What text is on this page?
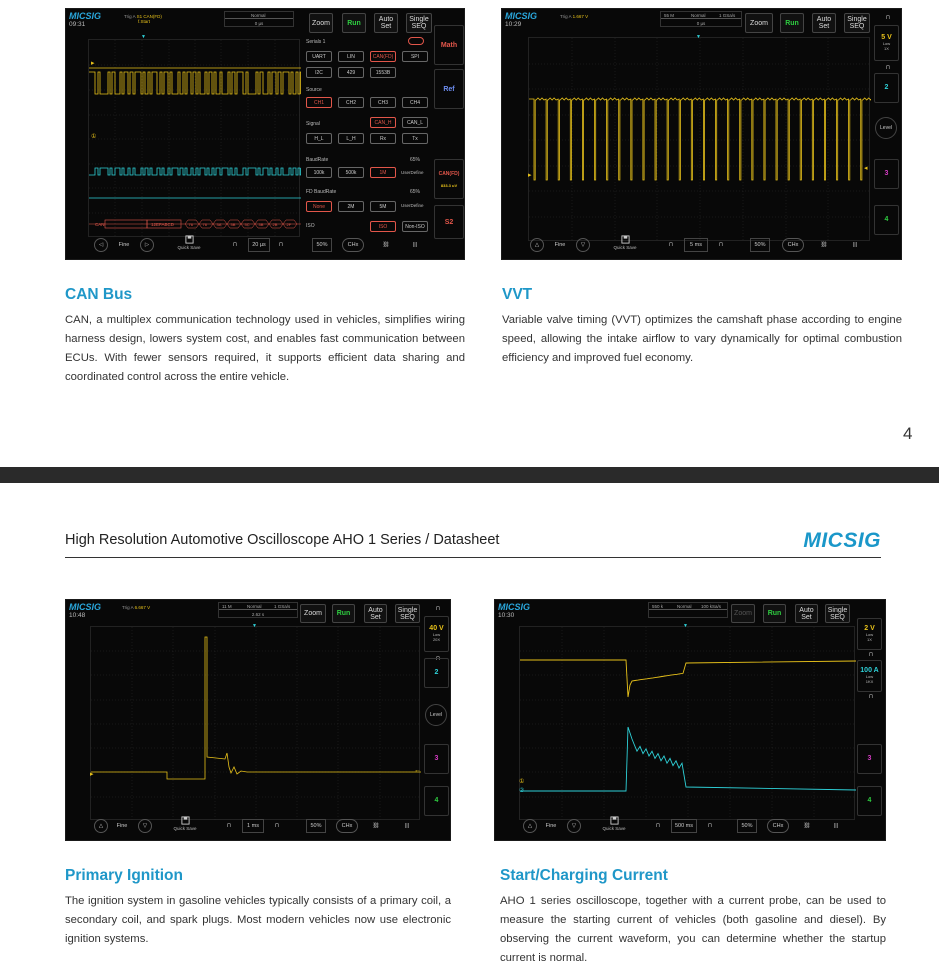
4
High Resolution Automotive Oscilloscope AHO 1 Series / Datasheet	MICSIG
MICSIG
09:31
Trig A S1 CAN(FD)
f.Start
Normal
0 µs	Zoom	Run	Auto
Set
Single
SEQ
CAN	12EFABCD	76 76 3A 3B 3C 3B 2B 2F
▸
①
▼
Serials 1
UART	LIN	CAN(FD)	SPI
I2C	429	1553B
Source
CH1	CH2	CH3	CH4
Signal	CAN_H	CAN_L
H_L	L_H	Rx	Tx
BaudRate	65%
100k	500k	1M	UserDefine
FD BaudRate	65%
None	2M	5M	UserDefine
ISO	ISO	Non-ISO
Math
Ref
CAN(FD)
833.3 uV
S2
◁	Fine	▷	Quick Save	⊓	20 µs	⊓	50%	CHx	⛓	|||
CAN Bus
CAN, a multiplex communication technology used in vehicles, simplifies wiring harness design, lowers system cost, and enables fast communication between ECUs. With fewer sensors required, it supports efficient data sharing and coordinated control across the entire vehicle.
MICSIG
10:29
Trig A 1.667 V	55 M	Normal	1 GSa/s
0 µs	Zoom	Run	Auto
Set
Single
SEQ
▸
▼
◂
⊓
5 V
Low
1X
⊓
2
Level
3
4
△	Fine	▽	Quick Save	⊓	5 ms	⊓	50%	CHx	⛓	|||
VVT
Variable valve timing (VVT) optimizes the camshaft phase according to engine speed, allowing the intake airflow to vary dynamically for optimal combustion efficiency and improved fuel economy.
MICSIG
10:48
Trig A 6.667 V	11 M	Normal	1 GSa/s
2.62 s	Zoom	Run	Auto
Set
Single
SEQ
▸
▼
←
⊓
40 V
Low
20X
⊓
2
Level
3
4
△	Fine	▽	Quick Save	⊓	1 ms	⊓	50%	CHx	⛓	|||
Primary Ignition
The ignition system in gasoline vehicles typically consists of a primary coil, a secondary coil, and spark plugs. Most modern vehicles now use electronic ignition systems.
MICSIG
10:30
550 k	Normal 100 kSa/s
Zoom	Run	Auto
Set
Single
SEQ
①
②
▼	2 V
Low
1X
⊓
100 A
Low
1KX
⊓
3
4
△	Fine	▽	Quick Save	⊓	500 ms	⊓	50%	CHx	⛓	|||
Start/Charging Current
AHO 1 series oscilloscope, together with a current probe, can be used to measure the starting current of vehicles (both gasoline and diesel). By observing the current waveform, you can determine whether the startup current is normal.
